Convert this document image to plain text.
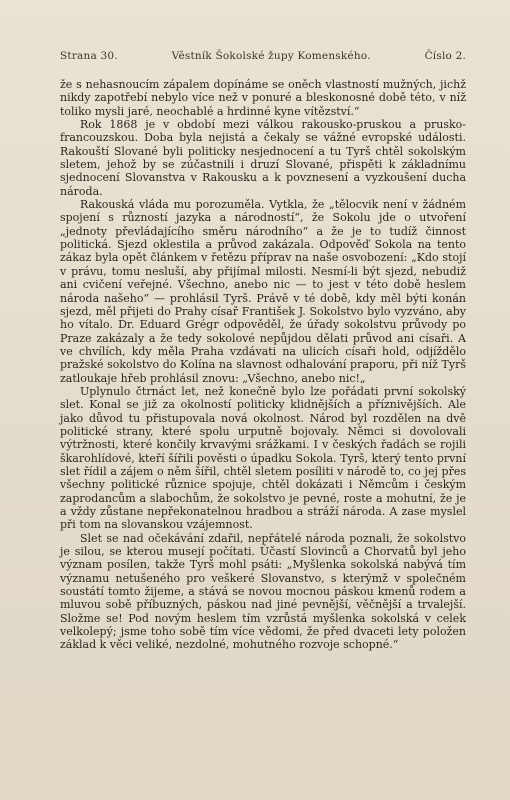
Strana 30.	Věstník Šokolské župy Komenského.	Číslo 2.

že s nehasnoucím zápalem dopínáme se oněch vlastností mužných, jichž nikdy zapotřebí nebylo více než v ponuré a bleskonosné době této, v níž toliko mysli jaré, neochablé a hrdinné kyne vítězství.“

Rok 1868 je v období mezi válkou rakousko-pruskou a prusko-francouzskou. Doba byla nejistá a čekaly se vážné evropské události. Rakouští Slované byli politicky nesjednocení a tu Tyrš chtěl sokolským sletem, jehož by se zúčastnili i druzí Slované, přispěti k základnímu sjednocení Slovanstva v Rakousku a k povznesení a vyzkoušení ducha národa.

Rakouská vláda mu porozuměla. Vytkla, že „tělocvik není v žádném spojení s růzností jazyka a národností“, že Sokolu jde o utvoření „jednoty převládajícího směru národního“ a že je to tudíž činnost politická. Sjezd oklestila a průvod zakázala. Odpověď Sokola na tento zákaz byla opět článkem v řetězu příprav na naše osvobození: „Kdo stojí v právu, tomu nesluší, aby přijímal milosti. Nesmí-li být sjezd, nebudiž ani cvičení veřejné. Všechno, anebo nic — to jest v této době heslem národa našeho“ — prohlásil Tyrš. Právě v té době, kdy měl býti konán sjezd, měl přijeti do Prahy císař František J. Sokolstvo bylo vyzváno, aby ho vítalo. Dr. Eduard Grégr odpověděl, že úřady sokolstvu průvody po Praze zakázaly a že tedy sokolové nepůjdou dělati průvod ani císaři. A ve chvílích, kdy měla Praha vzdávati na ulicích císaři hold, odjíždělo pražské sokolstvo do Kolína na slavnost odhalování praporu, při níž Tyrš zatloukaje hřeb prohlásil znovu: „Všechno, anebo nic!„

Uplynulo čtrnáct let, než konečně bylo lze pořádati první sokolský slet. Konal se již za okolností politicky klidnějších a příznivějších. Ale jako důvod tu přistupovala nová okolnost. Národ byl rozdělen na dvě politické strany, které spolu urputně bojovaly. Němci si dovolovali výtržnosti, které končily krvavými srážkami. I v českých řadách se rojili škarohlídové, kteří šířili pověsti o úpadku Sokola. Tyrš, který tento první slet řídil a zájem o něm šířil, chtěl sletem posíliti v národě to, co jej přes všechny politické různice spojuje, chtěl dokázati i Němcům i českým zaprodancům a slabochům, že sokolstvo je pevné, roste a mohutní, že je a vždy zůstane nepřekonatelnou hradbou a stráží národa. A zase myslel při tom na slovanskou vzájemnost.

Slet se nad očekávání zdařil, nepřátelé národa poznali, že sokolstvo je silou, se kterou musejí počítati. Účastí Slovinců a Chorvatů byl jeho význam posílen, takže Tyrš mohl psáti: „Myšlenka sokolská nabývá tím významu netušeného pro veškeré Slovanstvo, s kterýmž v společném soustátí tomto žijeme, a stává se novou mocnou páskou kmenů rodem a mluvou sobě příbuzných, páskou nad jiné pevnější, věčnější a trvalejší. Složme se! Pod novým heslem tím vzrůstá myšlenka sokolská v celek velkolepý; jsme toho sobě tím více vědomi, že před dvaceti lety položen základ k věci veliké, nezdolné, mohutného rozvoje schopné.“
